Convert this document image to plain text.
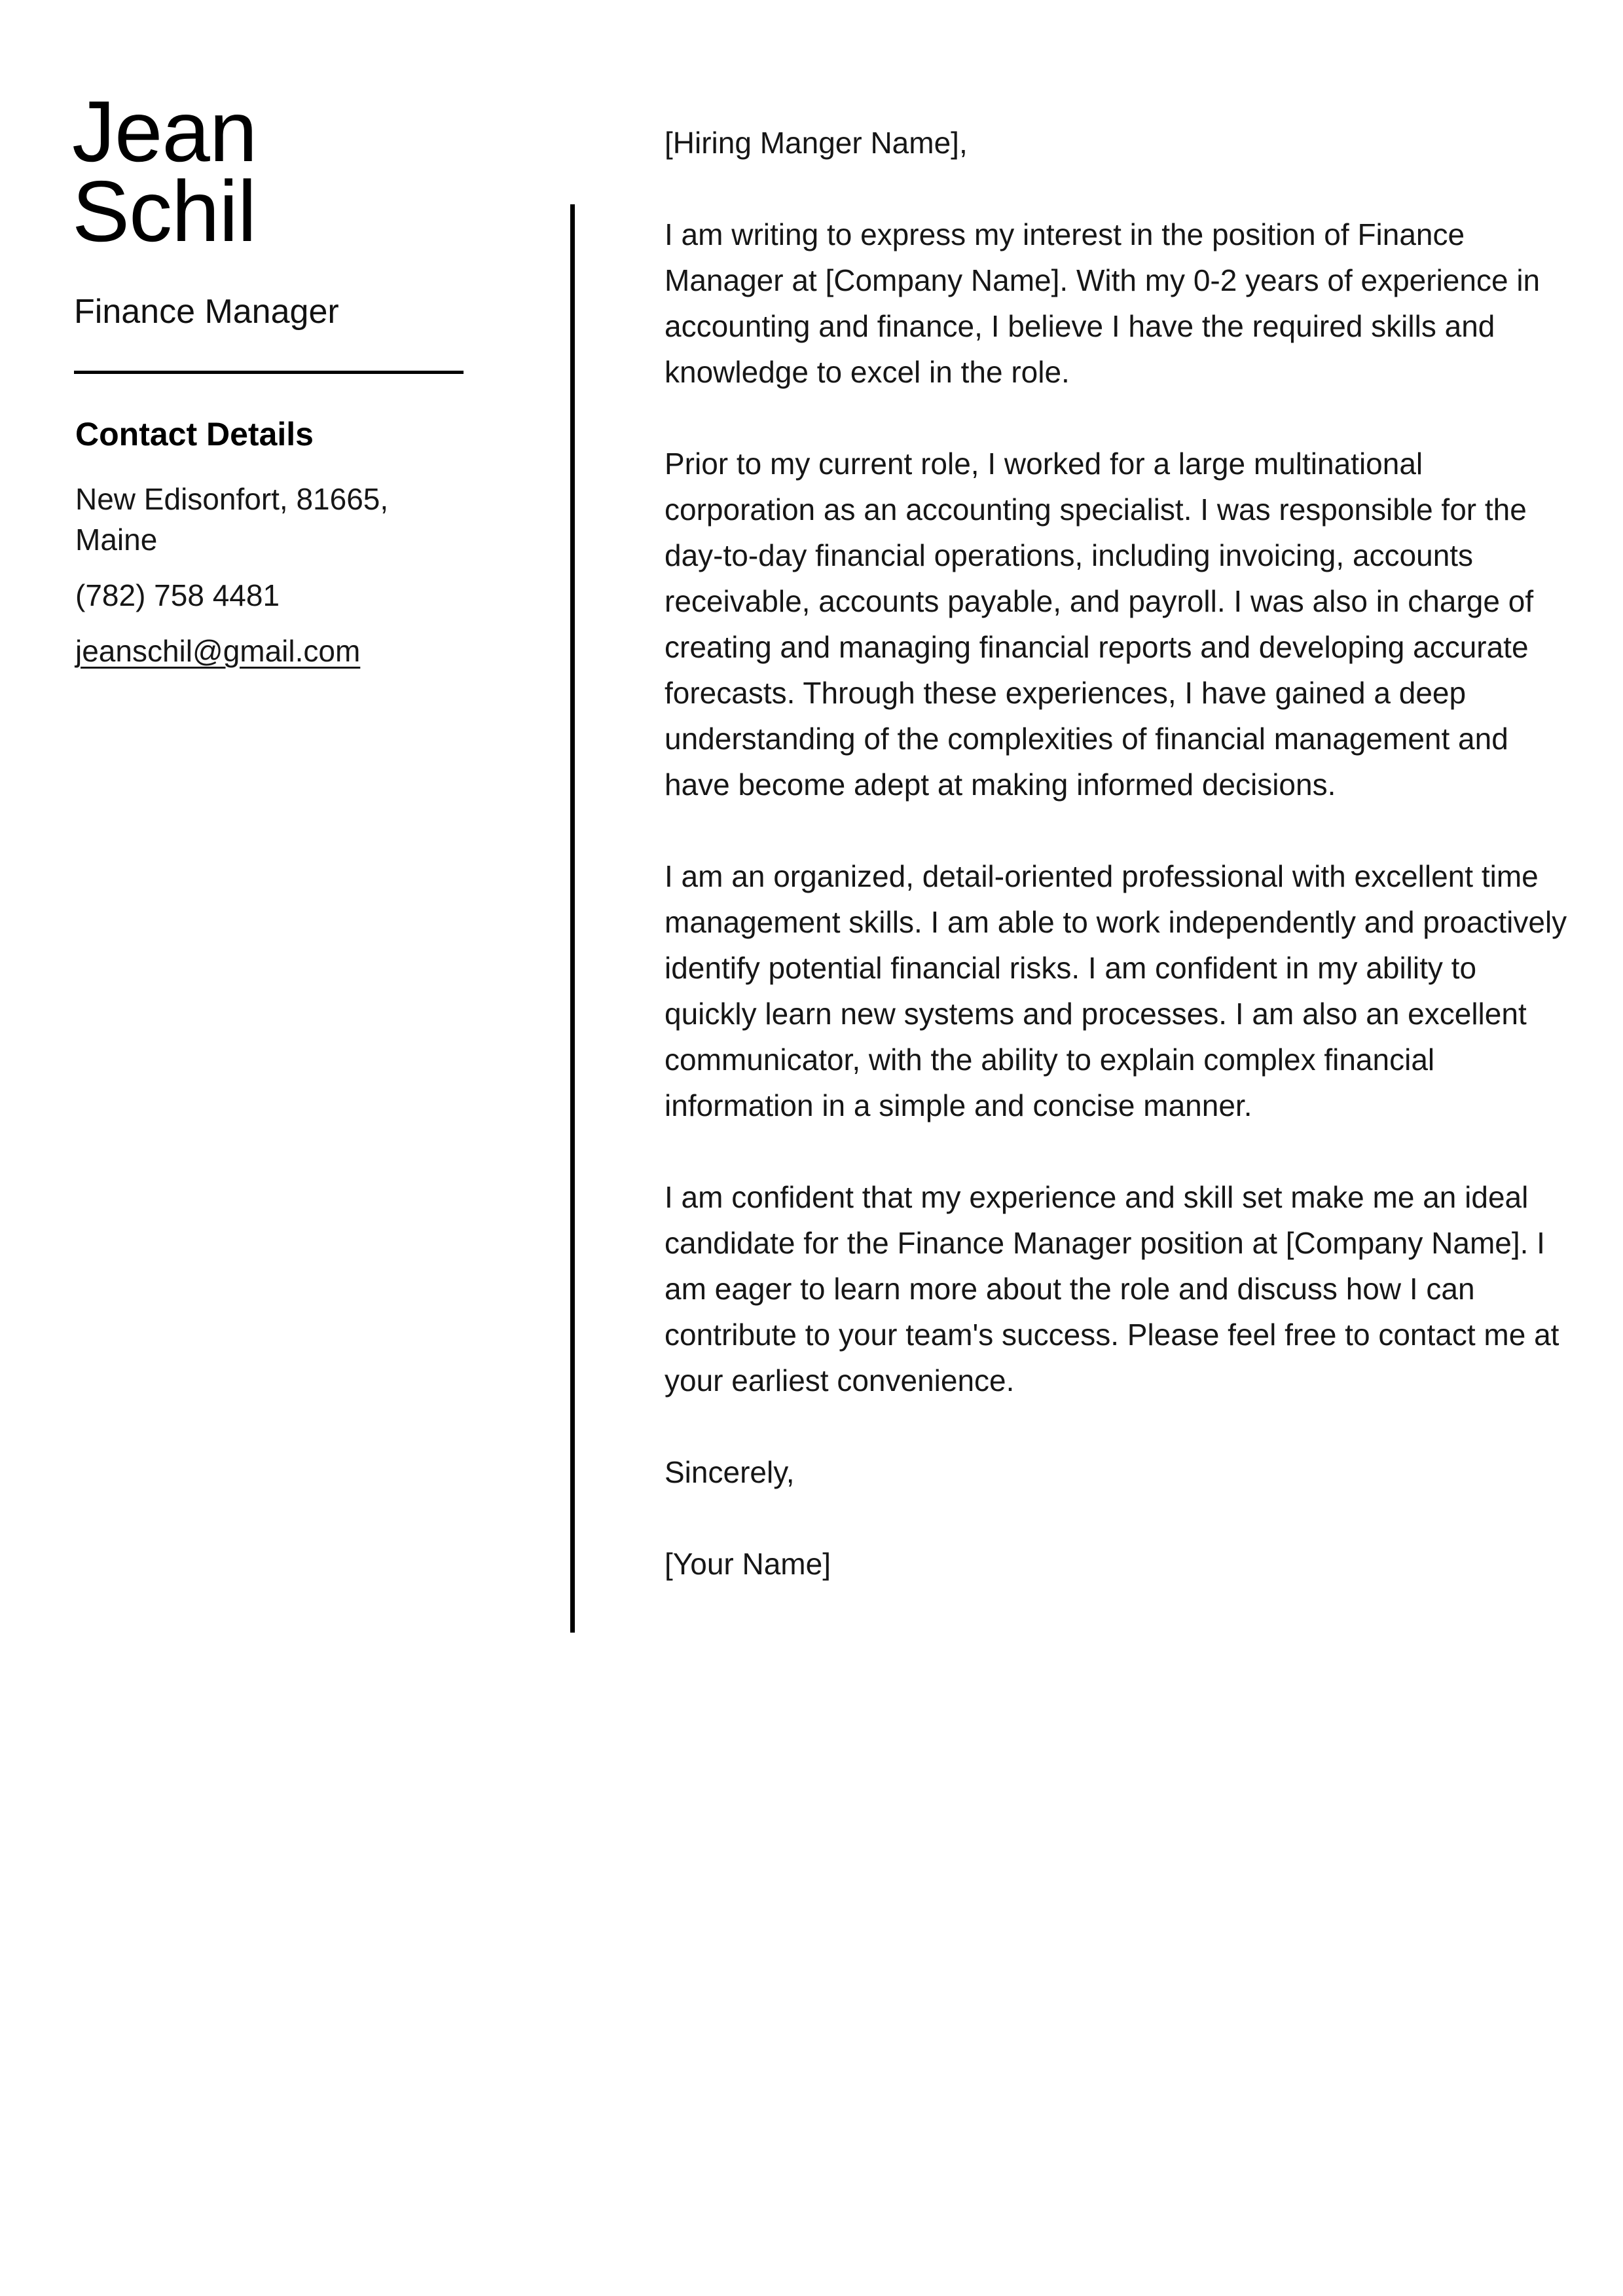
Jean Schil
Finance Manager
Contact Details
New Edisonfort, 81665, Maine
(782) 758 4481
jeanschil@gmail.com

[Hiring Manger Name],

I am writing to express my interest in the position of Finance Manager at [Company Name]. With my 0-2 years of experience in accounting and finance, I believe I have the required skills and knowledge to excel in the role.

Prior to my current role, I worked for a large multinational corporation as an accounting specialist. I was responsible for the day-to-day financial operations, including invoicing, accounts receivable, accounts payable, and payroll. I was also in charge of creating and managing financial reports and developing accurate forecasts. Through these experiences, I have gained a deep understanding of the complexities of financial management and have become adept at making informed decisions.

I am an organized, detail-oriented professional with excellent time management skills. I am able to work independently and proactively identify potential financial risks. I am confident in my ability to quickly learn new systems and processes. I am also an excellent communicator, with the ability to explain complex financial information in a simple and concise manner.

I am confident that my experience and skill set make me an ideal candidate for the Finance Manager position at [Company Name]. I am eager to learn more about the role and discuss how I can contribute to your team's success. Please feel free to contact me at your earliest convenience.

Sincerely,

[Your Name]
